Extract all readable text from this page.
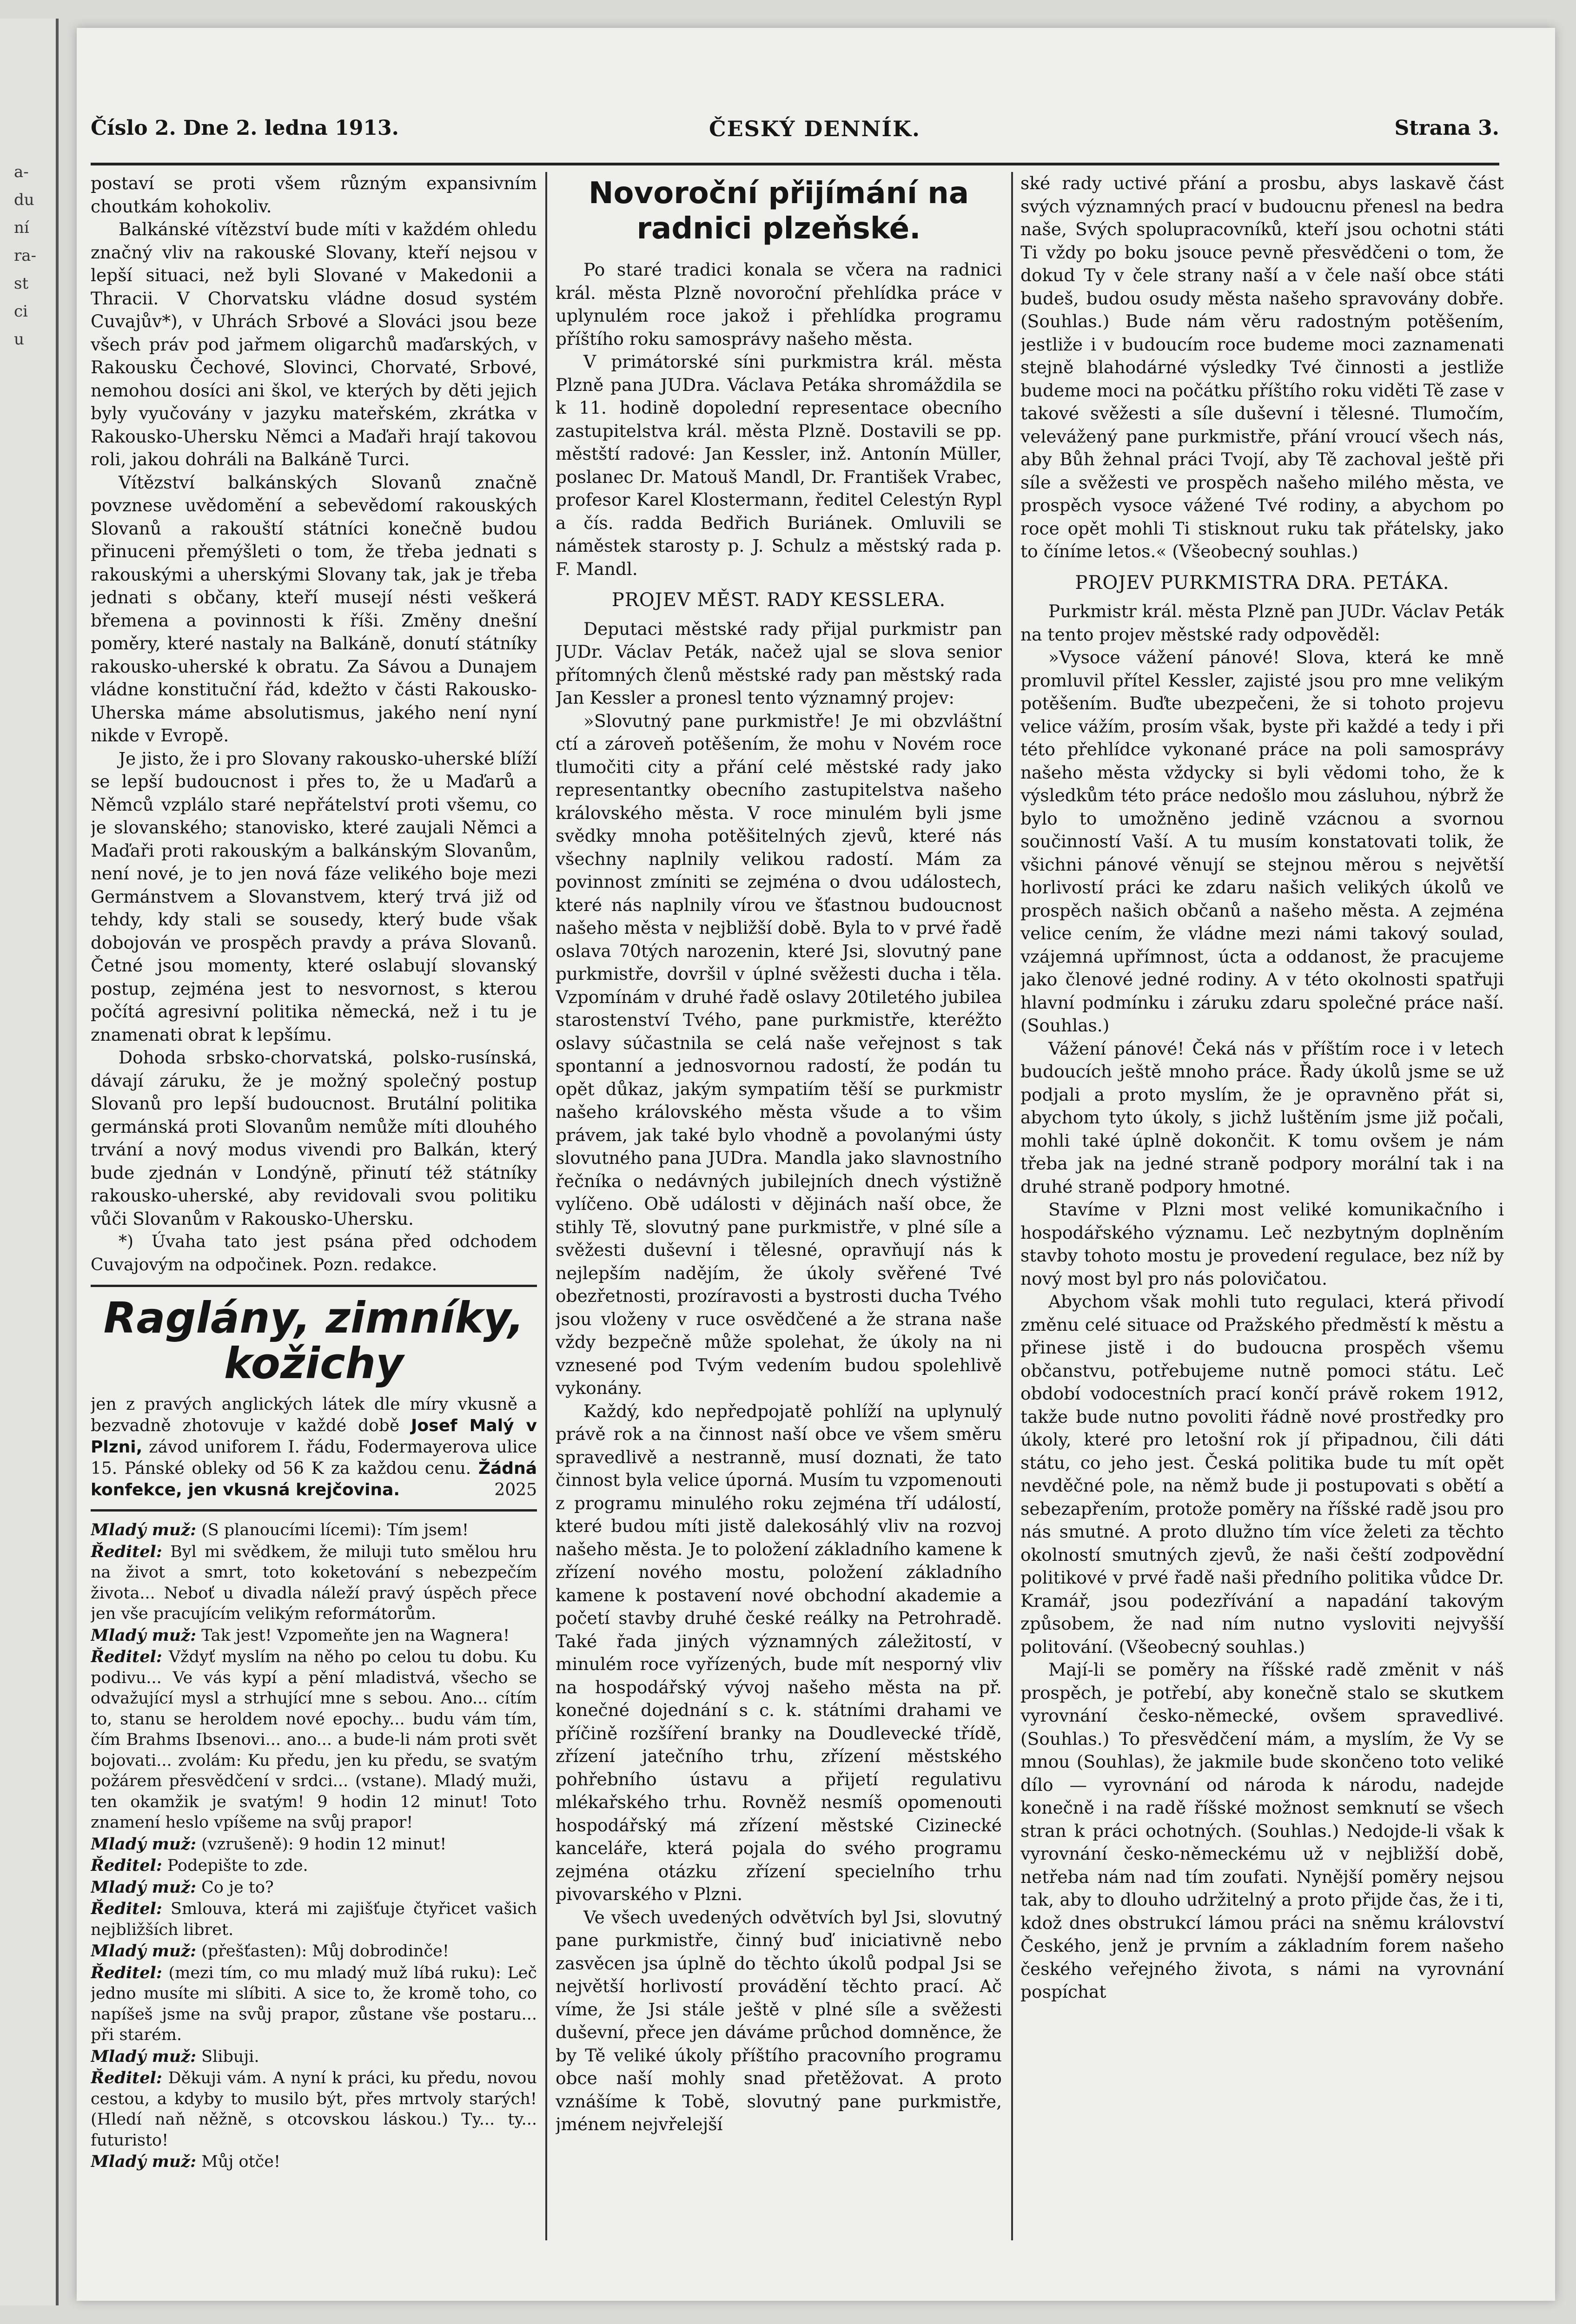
a-
du
ní
ra-
st
ci
u
Číslo 2. Dne 2. ledna 1913.	ČESKÝ DENNÍK.	Strana 3.

postaví se proti všem různým expansivním choutkám kohokoliv.

Balkánské vítězství bude míti v každém ohledu značný vliv na rakouské Slovany, kteří nejsou v lepší situaci, než byli Slované v Makedonii a Thracii. V Chorvatsku vládne dosud systém Cuvajův*), v Uhrách Srbové a Slováci jsou beze všech práv pod jařmem oligarchů maďarských, v Rakousku Čechové, Slovinci, Chorvaté, Srbové, nemohou dosíci ani škol, ve kterých by děti jejich byly vyučovány v jazyku mateřském, zkrátka v Rakousko-Uhersku Němci a Maďaři hrají takovou roli, jakou dohráli na Balkáně Turci.

Vítězství balkánských Slovanů značně povznese uvědomění a sebevědomí rakouských Slovanů a rakouští státníci konečně budou přinuceni přemýšleti o tom, že třeba jednati s rakouskými a uherskými Slovany tak, jak je třeba jednati s občany, kteří musejí nésti veškerá břemena a povinnosti k říši. Změny dnešní poměry, které nastaly na Balkáně, donutí státníky rakousko-uherské k obratu. Za Sávou a Dunajem vládne konstituční řád, kdežto v části Rakousko-Uherska máme absolutismus, jakého není nyní nikde v Evropě.

Je jisto, že i pro Slovany rakousko-uherské blíží se lepší budoucnost i přes to, že u Maďarů a Němců vzplálo staré nepřátelství proti všemu, co je slovanského; stanovisko, které zaujali Němci a Maďaři proti rakouským a balkánským Slovanům, není nové, je to jen nová fáze velikého boje mezi Germánstvem a Slovanstvem, který trvá již od tehdy, kdy stali se sousedy, který bude však dobojován ve prospěch pravdy a práva Slovanů. Četné jsou momenty, které oslabují slovanský postup, zejména jest to nesvornost, s kterou počítá agresivní politika německá, než i tu je znamenati obrat k lepšímu.

Dohoda srbsko-chorvatská, polsko-rusínská, dávají záruku, že je možný společný postup Slovanů pro lepší budoucnost. Brutální politika germánská proti Slovanům nemůže míti dlouhého trvání a nový modus vivendi pro Balkán, který bude zjednán v Londýně, přinutí též státníky rakousko-uherské, aby revidovali svou politiku vůči Slovanům v Rakousko-Uhersku.

*) Úvaha tato jest psána před odchodem Cuvajovým na odpočinek. Pozn. redakce.

Raglány, zimníky, kožichy

jen z pravých anglických látek dle míry vkusně a bezvadně zhotovuje v každé době Josef Malý v Plzni, závod uniforem I. řádu, Fodermayerova ulice 15. Pánské obleky od 56 K za každou cenu. Žádná konfekce, jen vkusná krejčovina.	2025

Mladý muž: (S planoucími lícemi): Tím jsem!

Ředitel: Byl mi svědkem, že miluji tuto smělou hru na život a smrt, toto koketování s nebezpečím života... Neboť u divadla náleží pravý úspěch přece jen vše pracujícím velikým reformátorům.

Mladý muž: Tak jest! Vzpomeňte jen na Wagnera!

Ředitel: Vždyť myslím na něho po celou tu dobu. Ku podivu... Ve vás kypí a pění mladistvá, všecho se odvažující mysl a strhující mne s sebou. Ano... cítím to, stanu se heroldem nové epochy... budu vám tím, čím Brahms Ibsenovi... ano... a bude-li nám proti svět bojovati... zvolám: Ku předu, jen ku předu, se svatým požárem přesvědčení v srdci... (vstane). Mladý muži, ten okamžik je svatým! 9 hodin 12 minut! Toto znamení heslo vpíšeme na svůj prapor!

Mladý muž: (vzrušeně): 9 hodin 12 minut!

Ředitel: Podepište to zde.

Mladý muž: Co je to?

Ředitel: Smlouva, která mi zajišťuje čtyřicet vašich nejbližších libret.

Mladý muž: (přešťasten): Můj dobrodinče!

Ředitel: (mezi tím, co mu mladý muž líbá ruku): Leč jedno musíte mi slíbiti. A sice to, že kromě toho, co napíšeš jsme na svůj prapor, zůstane vše postaru... při starém.

Mladý muž: Slibuji.

Ředitel: Děkuji vám. A nyní k práci, ku předu, novou cestou, a kdyby to musilo být, přes mrtvoly starých! (Hledí naň něžně, s otcovskou láskou.) Ty... ty... futuristo!

Mladý muž: Můj otče!

Novoroční přijímání na radnici plzeňské.

Po staré tradici konala se včera na radnici král. města Plzně novoroční přehlídka práce v uplynulém roce jakož i přehlídka programu příštího roku samosprávy našeho města.

V primátorské síni purkmistra král. města Plzně pana JUDra. Václava Petáka shromáždila se k 11. hodině dopolední representace obecního zastupitelstva král. města Plzně. Dostavili se pp. městští radové: Jan Kessler, inž. Antonín Müller, poslanec Dr. Matouš Mandl, Dr. František Vrabec, profesor Karel Klostermann, ředitel Celestýn Rypl a čís. radda Bedřich Buriánek. Omluvili se náměstek starosty p. J. Schulz a městský rada p. F. Mandl.

PROJEV MĚST. RADY KESSLERA.

Deputaci městské rady přijal purkmistr pan JUDr. Václav Peták, načež ujal se slova senior přítomných členů městské rady pan městský rada Jan Kessler a pronesl tento významný projev:

»Slovutný pane purkmistře! Je mi obzvláštní ctí a zároveň potěšením, že mohu v Novém roce tlumočiti city a přání celé městské rady jako representantky obecního zastupitelstva našeho královského města. V roce minulém byli jsme svědky mnoha potěšitelných zjevů, které nás všechny naplnily velikou radostí. Mám za povinnost zmíniti se zejména o dvou událostech, které nás naplnily vírou ve šťastnou budoucnost našeho města v nejbližší době. Byla to v prvé řadě oslava 70tých narozenin, které Jsi, slovutný pane purkmistře, dovršil v úplné svěžesti ducha i těla. Vzpomínám v druhé řadě oslavy 20tiletého jubilea starostenství Tvého, pane purkmistře, kteréžto oslavy súčastnila se celá naše veřejnost s tak spontanní a jednosvornou radostí, že podán tu opět důkaz, jakým sympatiím těší se purkmistr našeho královského města všude a to všim právem, jak také bylo vhodně a povolanými ústy slovutného pana JUDra. Mandla jako slavnostního řečníka o nedávných jubilejních dnech výstižně vylíčeno. Obě události v dějinách naší obce, že stihly Tě, slovutný pane purkmistře, v plné síle a svěžesti duševní i tělesné, opravňují nás k nejlepším nadějím, že úkoly svěřené Tvé obezřetnosti, prozíravosti a bystrosti ducha Tvého jsou vloženy v ruce osvědčené a že strana naše vždy bezpečně může spolehat, že úkoly na ni vznesené pod Tvým vedením budou spolehlivě vykonány.

Každý, kdo nepředpojatě pohlíží na uplynulý právě rok a na činnost naší obce ve všem směru spravedlivě a nestranně, musí doznati, že tato činnost byla velice úporná. Musím tu vzpomenouti z programu minulého roku zejména tří událostí, které budou míti jistě dalekosáhlý vliv na rozvoj našeho města. Je to položení základního kamene k zřízení nového mostu, položení základního kamene k postavení nové obchodní akademie a početí stavby druhé české reálky na Petrohradě. Také řada jiných významných záležitostí, v minulém roce vyřízených, bude mít nesporný vliv na hospodářský vývoj našeho města na př. konečné dojednání s c. k. státními drahami ve příčině rozšíření branky na Doudlevecké třídě, zřízení jatečního trhu, zřízení městského pohřebního ústavu a přijetí regulativu mlékařského trhu. Rovněž nesmíš opomenouti hospodářský má zřízení městské Cizinecké kanceláře, která pojala do svého programu zejména otázku zřízení specielního trhu pivovarského v Plzni.

Ve všech uvedených odvětvích byl Jsi, slovutný pane purkmistře, činný buď iniciativně nebo zasvěcen jsa úplně do těchto úkolů podpal Jsi se největší horlivostí provádění těchto prací. Ač víme, že Jsi stále ještě v plné síle a svěžesti duševní, přece jen dáváme průchod domněnce, že by Tě veliké úkoly příštího pracovního programu obce naší mohly snad přetěžovat. A proto vznášíme k Tobě, slovutný pane purkmistře, jménem nejvřelejší

ské rady uctivé přání a prosbu, abys laskavě část svých významných prací v budoucnu přenesl na bedra naše, Svých spolupracovníků, kteří jsou ochotni státi Ti vždy po boku jsouce pevně přesvědčeni o tom, že dokud Ty v čele strany naší a v čele naší obce státi budeš, budou osudy města našeho spravovány dobře. (Souhlas.) Bude nám věru radostným potěšením, jestliže i v budoucím roce budeme moci zaznamenati stejně blahodárné výsledky Tvé činnosti a jestliže budeme moci na počátku příštího roku viděti Tě zase v takové svěžesti a síle duševní i tělesné. Tlumočím, velevážený pane purkmistře, přání vroucí všech nás, aby Bůh žehnal práci Tvojí, aby Tě zachoval ještě při síle a svěžesti ve prospěch našeho milého města, ve prospěch vysoce vážené Tvé rodiny, a abychom po roce opět mohli Ti stisknout ruku tak přátelsky, jako to číníme letos.« (Všeobecný souhlas.)

PROJEV PURKMISTRA DRA. PETÁKA.

Purkmistr král. města Plzně pan JUDr. Václav Peták na tento projev městské rady odpověděl:

»Vysoce vážení pánové! Slova, která ke mně promluvil přítel Kessler, zajisté jsou pro mne velikým potěšením. Buďte ubezpečeni, že si tohoto projevu velice vážím, prosím však, byste při každé a tedy i při této přehlídce vykonané práce na poli samosprávy našeho města vždycky si byli vědomi toho, že k výsledkům této práce nedošlo mou zásluhou, nýbrž že bylo to umožněno jedině vzácnou a svornou součinností Vaší. A tu musím konstatovati tolik, že všichni pánové věnují se stejnou měrou s největší horlivostí práci ke zdaru našich velikých úkolů ve prospěch našich občanů a našeho města. A zejména velice cením, že vládne mezi námi takový soulad, vzájemná upřímnost, úcta a oddanost, že pracujeme jako členové jedné rodiny. A v této okolnosti spatřuji hlavní podmínku i záruku zdaru společné práce naší. (Souhlas.)

Vážení pánové! Čeká nás v příštím roce i v letech budoucích ještě mnoho práce. Řady úkolů jsme se už podjali a proto myslím, že je opravněno přát si, abychom tyto úkoly, s jichž luštěním jsme již počali, mohli také úplně dokončit. K tomu ovšem je nám třeba jak na jedné straně podpory morální tak i na druhé straně podpory hmotné.

Stavíme v Plzni most veliké komunikačního i hospodářského významu. Leč nezbytným doplněním stavby tohoto mostu je provedení regulace, bez níž by nový most byl pro nás polovičatou.

Abychom však mohli tuto regulaci, která přivodí změnu celé situace od Pražského předměstí k městu a přinese jistě i do budoucna prospěch všemu občanstvu, potřebujeme nutně pomoci státu. Leč období vodocestních prací končí právě rokem 1912, takže bude nutno povoliti řádně nové prostředky pro úkoly, které pro letošní rok jí připadnou, čili dáti státu, co jeho jest. Česká politika bude tu mít opět nevděčné pole, na němž bude ji postupovati s obětí a sebezapřením, protože poměry na říšské radě jsou pro nás smutné. A proto dlužno tím více želeti za těchto okolností smutných zjevů, že naši čeští zodpovědní politikové v prvé řadě naši předního politika vůdce Dr. Kramář, jsou podezřívání a napadání takovým způsobem, že nad ním nutno vysloviti nejvyšší politování. (Všeobecný souhlas.)

Mají-li se poměry na říšské radě změnit v náš prospěch, je potřebí, aby konečně stalo se skutkem vyrovnání česko-německé, ovšem spravedlivé. (Souhlas.) To přesvědčení mám, a myslím, že Vy se mnou (Souhlas), že jakmile bude skončeno toto veliké dílo — vyrovnání od národa k národu, nadejde konečně i na radě říšské možnost semknutí se všech stran k práci ochotných. (Souhlas.) Nedojde-li však k vyrovnání česko-německému už v nejbližší době, netřeba nám nad tím zoufati. Nynější poměry nejsou tak, aby to dlouho udržitelný a proto přijde čas, že i ti, kdož dnes obstrukcí lámou práci na sněmu království Českého, jenž je prvním a základním forem našeho českého veřejného života, s námi na vyrovnání pospíchat
